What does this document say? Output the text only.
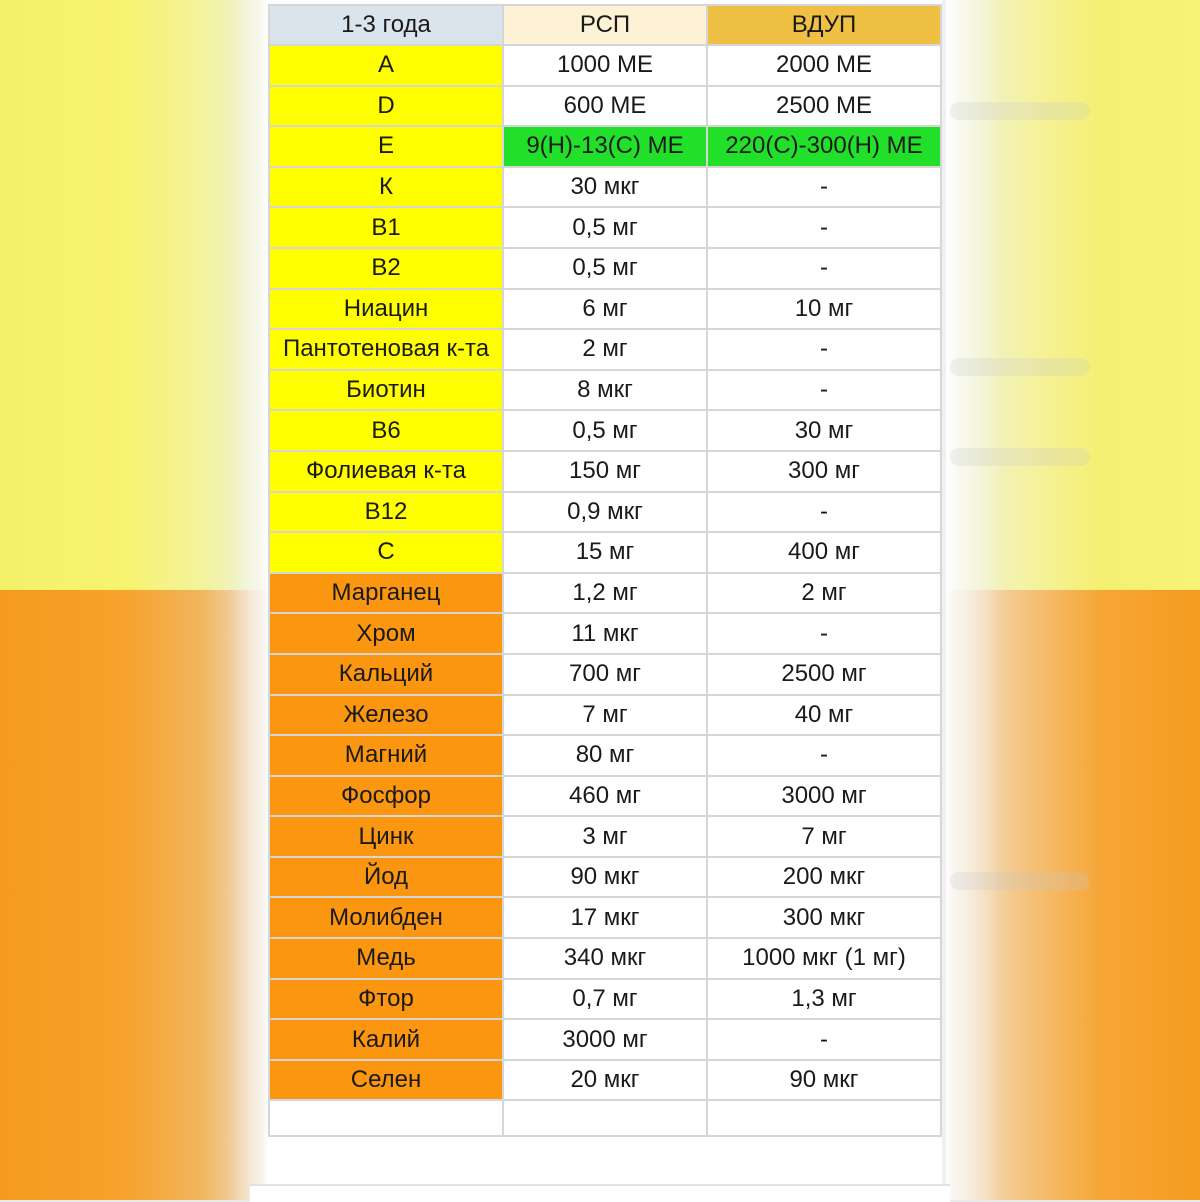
1-3 года	РСП	ВДУП
A	1000 МЕ	2000 МЕ
D	600 МЕ	2500 МЕ
E	9(Н)-13(С) МЕ	220(С)-300(Н) МЕ
К	30 мкг	-
В1	0,5 мг	-
В2	0,5 мг	-
Ниацин	6 мг	10 мг
Пантотеновая к-та	2 мг	-
Биотин	8 мкг	-
В6	0,5 мг	30 мг
Фолиевая к-та	150 мг	300 мг
В12	0,9 мкг	-
С	15 мг	400 мг
Марганец	1,2 мг	2 мг
Хром	11 мкг	-
Кальций	700 мг	2500 мг
Железо	7 мг	40 мг
Магний	80 мг	-
Фосфор	460 мг	3000 мг
Цинк	3 мг	7 мг
Йод	90 мкг	200 мкг
Молибден	17 мкг	300 мкг
Медь	340 мкг	1000 мкг (1 мг)
Фтор	0,7 мг	1,3 мг
Калий	3000 мг	-
Селен	20 мкг	90 мкг
